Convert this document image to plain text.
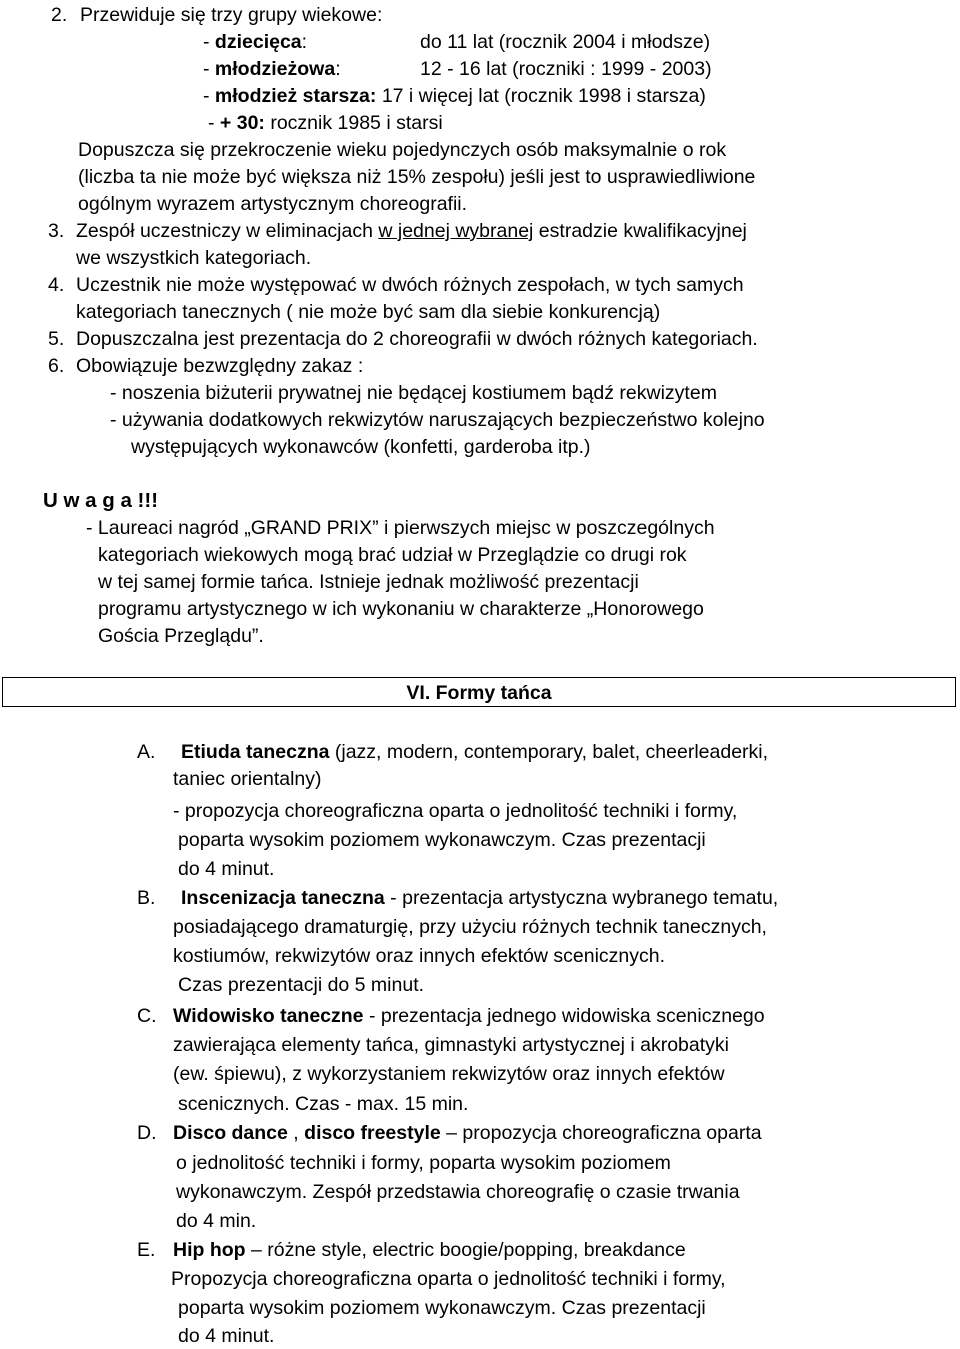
2. Przewiduje się trzy grupy wiekowe:
- dziecięca:	do 11 lat (rocznik 2004 i młodsze)
- młodzieżowa:	12 - 16 lat (roczniki : 1999 - 2003)
- młodzież starsza: 17 i więcej lat (rocznik 1998 i starsza)
- + 30: rocznik 1985 i starsi
Dopuszcza się przekroczenie wieku pojedynczych osób maksymalnie o rok
(liczba ta nie może być większa niż 15% zespołu) jeśli jest to usprawiedliwione
ogólnym wyrazem artystycznym choreografii.
3. Zespół uczestniczy w eliminacjach w jednej wybranej estradzie kwalifikacyjnej
we wszystkich kategoriach.
4. Uczestnik nie może występować w dwóch różnych zespołach, w tych samych
kategoriach tanecznych ( nie może być sam dla siebie konkurencją)
5. Dopuszczalna jest prezentacja do 2 choreografii w dwóch różnych kategoriach.
6. Obowiązuje bezwzględny zakaz :
- noszenia biżuterii prywatnej nie będącej kostiumem bądź rekwizytem
- używania dodatkowych rekwizytów naruszających bezpieczeństwo kolejno
występujących wykonawców (konfetti, garderoba itp.)
U w a g a !!!
- Laureaci nagród „GRAND PRIX” i pierwszych miejsc w poszczególnych
kategoriach wiekowych mogą brać udział w Przeglądzie co drugi rok
w tej samej formie tańca. Istnieje jednak możliwość prezentacji
programu artystycznego w ich wykonaniu w charakterze „Honorowego
Gościa Przeglądu”.
VI. Formy tańca
A. Etiuda taneczna (jazz, modern, contemporary, balet, cheerleaderki,
taniec orientalny)
- propozycja choreograficzna oparta o jednolitość techniki i formy,
poparta wysokim poziomem wykonawczym. Czas prezentacji
do 4 minut.
B. Inscenizacja taneczna - prezentacja artystyczna wybranego tematu,
posiadającego dramaturgię, przy użyciu różnych technik tanecznych,
kostiumów, rekwizytów oraz innych efektów scenicznych.
Czas prezentacji do 5 minut.
C. Widowisko taneczne - prezentacja jednego widowiska scenicznego
zawierająca elementy tańca, gimnastyki artystycznej i akrobatyki
(ew. śpiewu), z wykorzystaniem rekwizytów oraz innych efektów
scenicznych. Czas - max. 15 min.
D. Disco dance , disco freestyle – propozycja choreograficzna oparta
o jednolitość techniki i formy, poparta wysokim poziomem
wykonawczym. Zespół przedstawia choreografię o czasie trwania
do 4 min.
E. Hip hop – różne style, electric boogie/popping, breakdance
Propozycja choreograficzna oparta o jednolitość techniki i formy,
poparta wysokim poziomem wykonawczym. Czas prezentacji
do 4 minut.
